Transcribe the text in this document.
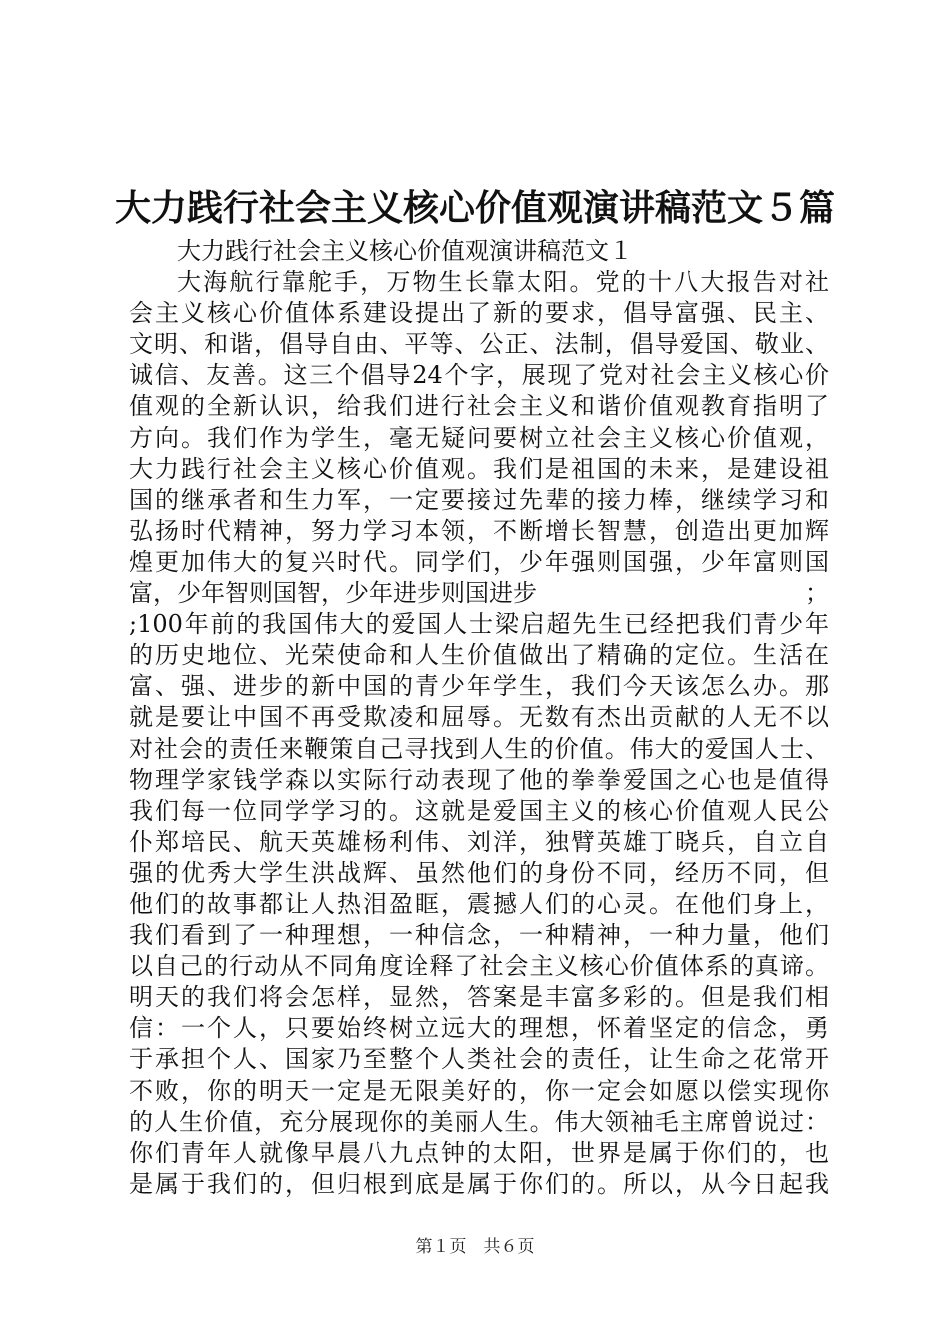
大力践行社会主义核心价值观演讲稿范文５篇
大力践行社会主义核心价值观演讲稿范文１
大海航行靠舵手，万物生长靠太阳。党的十八大报告对社
会主义核心价值体系建设提出了新的要求，倡导富强、民主、
文明、和谐，倡导自由、平等、公正、法制，倡导爱国、敬业、
诚信、友善。这三个倡导24个字，展现了党对社会主义核心价
值观的全新认识，给我们进行社会主义和谐价值观教育指明了
方向。我们作为学生，毫无疑问要树立社会主义核心价值观，
大力践行社会主义核心价值观。我们是祖国的未来，是建设祖
国的继承者和生力军，一定要接过先辈的接力棒，继续学习和
弘扬时代精神，努力学习本领，不断增长智慧，创造出更加辉
煌更加伟大的复兴时代。同学们，少年强则国强，少年富则国
富，少年智则国智，少年进步则国进步	；
;100年前的我国伟大的爱国人士梁启超先生已经把我们青少年
的历史地位、光荣使命和人生价值做出了精确的定位。生活在
富、强、进步的新中国的青少年学生，我们今天该怎么办。那
就是要让中国不再受欺凌和屈辱。无数有杰出贡献的人无不以
对社会的责任来鞭策自己寻找到人生的价值。伟大的爱国人士、
物理学家钱学森以实际行动表现了他的拳拳爱国之心也是值得
我们每一位同学学习的。这就是爱国主义的核心价值观人民公
仆郑培民、航天英雄杨利伟、刘洋，独臂英雄丁晓兵，自立自
强的优秀大学生洪战辉、虽然他们的身份不同，经历不同，但
他们的故事都让人热泪盈眶，震撼人们的心灵。在他们身上，
我们看到了一种理想，一种信念，一种精神，一种力量，他们
以自己的行动从不同角度诠释了社会主义核心价值体系的真谛。
明天的我们将会怎样，显然，答案是丰富多彩的。但是我们相
信：一个人，只要始终树立远大的理想，怀着坚定的信念，勇
于承担个人、国家乃至整个人类社会的责任，让生命之花常开
不败，你的明天一定是无限美好的，你一定会如愿以偿实现你
的人生价值，充分展现你的美丽人生。伟大领袖毛主席曾说过：
你们青年人就像早晨八九点钟的太阳，世界是属于你们的，也
是属于我们的，但归根到底是属于你们的。所以，从今日起我
第１页　共６页
